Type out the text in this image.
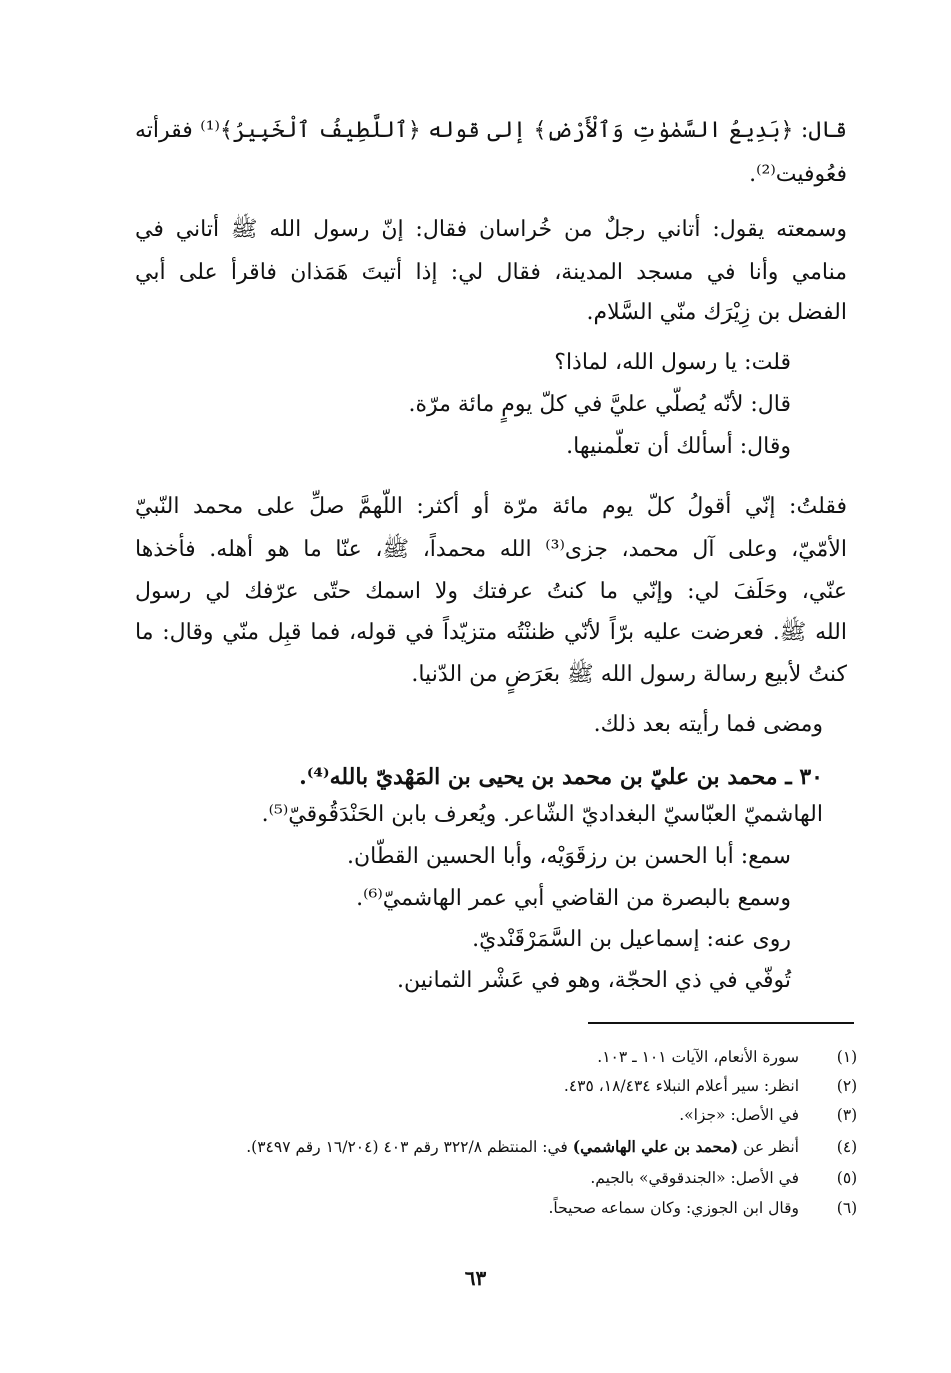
قال: ﴿بَدِيعُ السَّمٰوٰتِ وَٱلْأَرْضِ﴾ إلى قوله ﴿ٱللَّطِيفُ ٱلْخَبِيرُ﴾⁽¹⁾ فقرأته

فعُوفيت⁽²⁾.

وسمعته يقول: أتاني رجلٌ من خُراسان فقال: إنّ رسول الله ﷺ أتاني في

منامي وأنا في مسجد المدينة، فقال لي: إذا أتيتَ هَمَذان فاقرأ على أبي

الفضل بن زِيْرَك منّي السَّلام.

قلت: يا رسول الله، لماذا؟

قال: لأنّه يُصلّي عليَّ في كلّ يومٍ مائة مرّة.

وقال: أسألك أن تعلّمنيها.

فقلتُ: إنّي أقولُ كلّ يوم مائة مرّة أو أكثر: اللّهمَّ صلِّ على محمد النّبيّ

الأمّيّ، وعلى آل محمد، جزى⁽³⁾ الله محمداً، ﷺ، عنّا ما هو أهله. فأخذها

عنّي، وحَلَفَ لي: وإنّي ما كنتُ عرفتك ولا اسمك حتّى عرّفك لي رسول

الله ﷺ. فعرضت عليه برّاً لأنّي ظننْتُه متزيّداً في قوله، فما قبِل منّي وقال: ما

كنتُ لأبيع رسالة رسول الله ﷺ بعَرَضٍ من الدّنيا.

ومضى فما رأيته بعد ذلك.

٣٠ ـ محمد بن عليّ بن محمد بن يحيى بن المَهْديّ بالله⁽⁴⁾.

الهاشميّ العبّاسيّ البغداديّ الشّاعر. ويُعرف بابن الحَنْدَقُوقيّ⁽⁵⁾.

سمع: أبا الحسن بن رزقَوَيْه، وأبا الحسين القطّان.

وسمع بالبصرة من القاضي أبي عمر الهاشميّ⁽⁶⁾.

روى عنه: إسماعيل بن السَّمَرْقَنْديّ.

تُوفّي في ذي الحجّة، وهو في عَشْر الثمانين.

(١)
سورة الأنعام، الآيات ١٠١ ـ ١٠٣.
(٢)
انظر: سير أعلام النبلاء ١٨/٤٣٤، ٤٣٥.
(٣)
في الأصل: «جزا».
(٤)
أنظر عن (محمد بن علي الهاشمي) في: المنتظم ٣٢٢/٨ رقم ٤٠٣ (١٦/٢٠٤ رقم ٣٤٩٧).
(٥)
في الأصل: «الجندقوقي» بالجيم.
(٦)
وقال ابن الجوزي: وكان سماعه صحيحاً.
٦٣
